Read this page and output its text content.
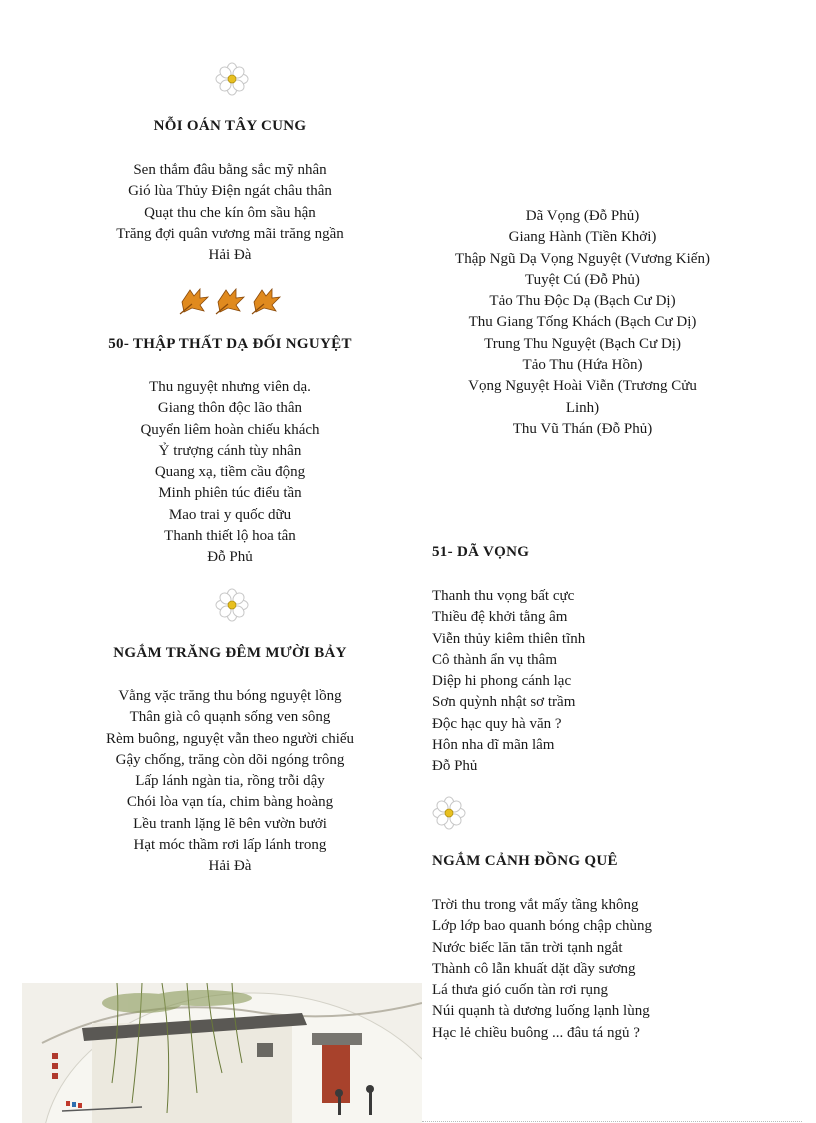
NỖI OÁN TÂY CUNG
Sen thắm đâu bằng sắc mỹ nhân
Gió lùa Thủy Điện ngát châu thân
Quạt thu che kín ôm sầu hận
Trăng đợi quân vương mãi trăng ngần
Hải Đà
50- THẬP THẤT DẠ ĐỐI NGUYỆT
Thu nguyệt nhưng viên dạ.
Giang thôn độc lão thân
Quyển liêm hoàn chiếu khách
Ỷ trượng cánh tùy nhân
Quang xạ, tiềm cầu động
Minh phiên túc điểu tần
Mao trai y quốc dữu
Thanh thiết lộ hoa tân
Đỗ Phủ
NGẮM TRĂNG ĐÊM MƯỜI BẢY
Vằng vặc trăng thu bóng nguyệt lồng
Thân già cô quạnh sống ven sông
Rèm buông, nguyệt vẫn theo người chiếu
Gậy chống, trăng còn dõi ngóng trông
Lấp lánh ngàn tia, rồng trỗi dậy
Chói lòa vạn tía, chim bàng hoàng
Lều tranh lặng lẽ bên vườn bưởi
Hạt móc thầm rơi lấp lánh trong
Hải Đà
Dã Vọng (Đỗ Phủ)
Giang Hành (Tiền Khởi)
Thập Ngũ Dạ Vọng Nguyệt (Vương Kiến)
Tuyệt Cú (Đỗ Phủ)
Tảo Thu Độc Dạ (Bạch Cư Dị)
Thu Giang Tống Khách (Bạch Cư Dị)
Trung Thu Nguyệt (Bạch Cư Dị)
Tảo Thu (Hứa Hồn)
Vọng Nguyệt Hoài Viễn (Trương Cửu
Linh)
Thu Vũ Thán (Đỗ Phủ)
51- DÃ VỌNG
Thanh thu vọng bất cực
Thiều đệ khởi tằng âm
Viễn thủy kiêm thiên tĩnh
Cô thành ẩn vụ thâm
Diệp hi phong cánh lạc
Sơn quỳnh nhật sơ trầm
Độc hạc quy hà văn ?
Hôn nha dĩ mãn lâm
Đỗ Phủ
NGẮM CẢNH ĐỒNG QUÊ
Trời thu trong vắt mấy tầng không
Lớp lớp bao quanh bóng chập chùng
Nước biếc lăn tăn trời tạnh ngắt
Thành cô lẫn khuất dặt dầy sương
Lá thưa gió cuốn tàn rơi rụng
Núi quạnh tà dương luống lạnh lùng
Hạc lẻ chiều buông ... đâu tá ngủ ?
